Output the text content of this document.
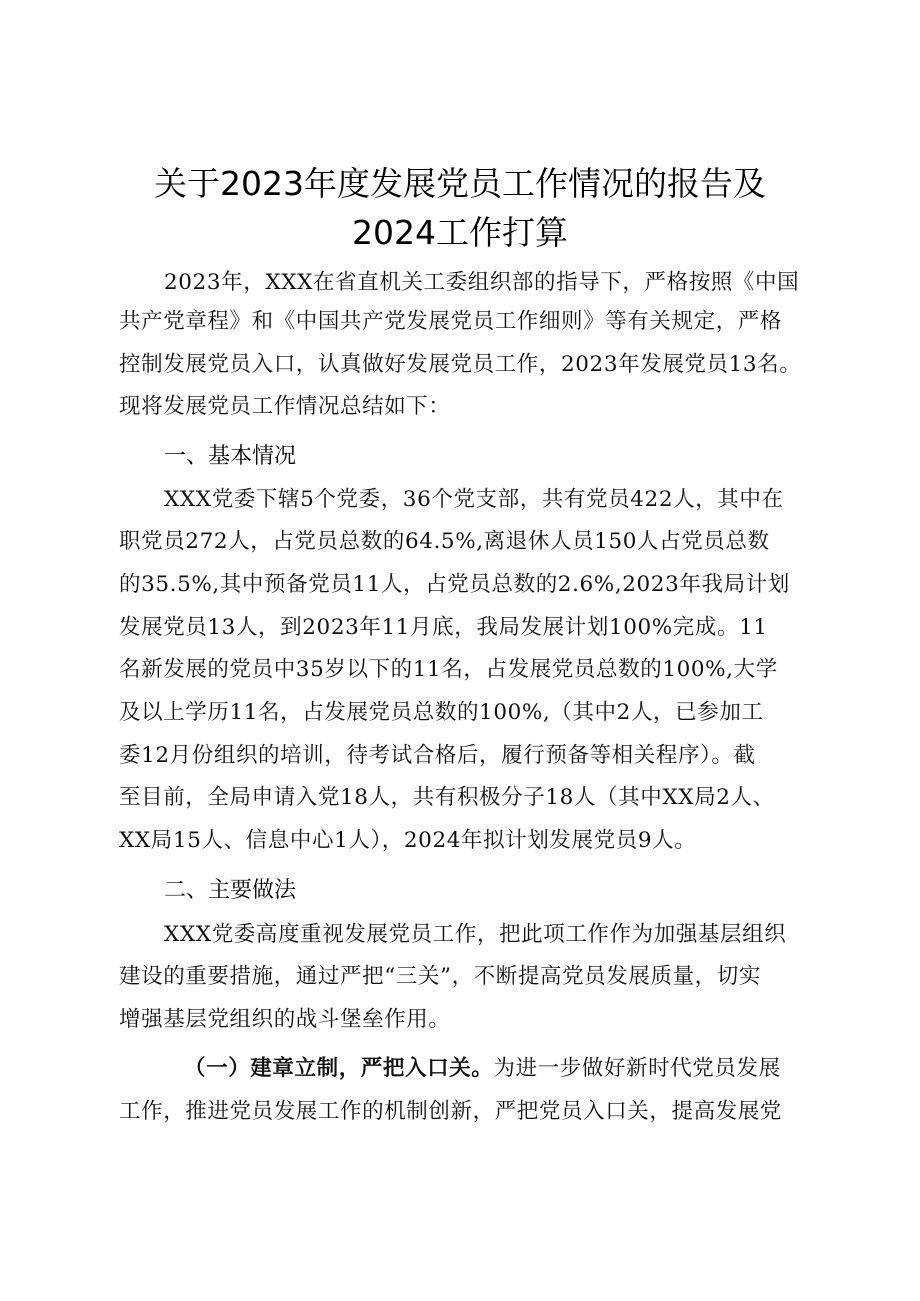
关于2023年度发展党员工作情况的报告及
2024工作打算
2023年，XXX在省直机关工委组织部的指导下，严格按照《中国
共产党章程》和《中国共产党发展党员工作细则》等有关规定，严格
控制发展党员入口，认真做好发展党员工作，2023年发展党员13名。
现将发展党员工作情况总结如下：
一、基本情况
XXX党委下辖5个党委，36个党支部，共有党员422人，其中在
职党员272人，占党员总数的64.5%,离退休人员150人占党员总数
的35.5%,其中预备党员11人，占党员总数的2.6%,2023年我局计划
发展党员13人，到2023年11月底，我局发展计划100%完成。11
名新发展的党员中35岁以下的11名，占发展党员总数的100%,大学
及以上学历11名，占发展党员总数的100%,（其中2人，已参加工
委12月份组织的培训，待考试合格后，履行预备等相关程序）。截
至目前，全局申请入党18人，共有积极分子18人（其中XX局2人、
XX局15人、信息中心1人），2024年拟计划发展党员9人。
二、主要做法
XXX党委高度重视发展党员工作，把此项工作作为加强基层组织
建设的重要措施，通过严把“三关”，不断提高党员发展质量，切实
增强基层党组织的战斗堡垒作用。
（一）建章立制，严把入口关。为进一步做好新时代党员发展
工作，推进党员发展工作的机制创新，严把党员入口关，提高发展党
